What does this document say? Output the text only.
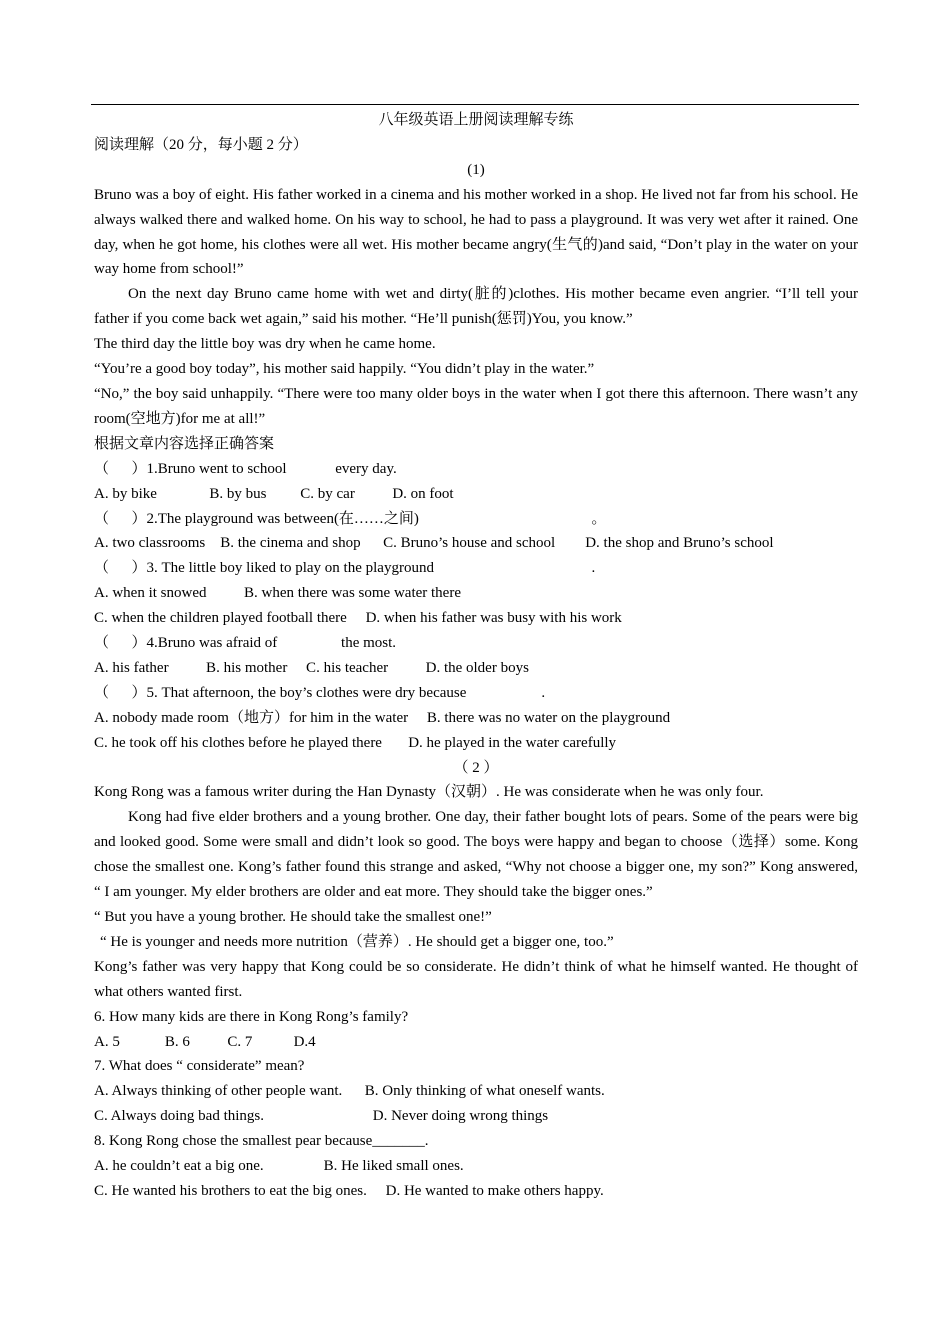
八年级英语上册阅读理解专练
阅读理解（20 分，每小题 2 分）
(1)

Bruno was a boy of eight. His father worked in a cinema and his mother worked in a shop. He lived not far from his school. He always walked there and walked home. On his way to school, he had to pass a playground. It was very wet after it rained. One day, when he got home, his clothes were all wet. His mother became angry(生气的)and said, “Don’t play in the water on your way home from school!”

On the next day Bruno came home with wet and dirty(脏的)clothes. His mother became even angrier. “I’ll tell your father if you come back wet again,” said his mother. “He’ll punish(惩罚)You, you know.”

The third day the little boy was dry when he came home.

“You’re a good boy today”, his mother said happily. “You didn’t play in the water.”

“No,” the boy said unhappily. “There were too many older boys in the water when I got there this afternoon. There wasn’t any room(空地方)for me at all!”

根据文章内容选择正确答案
（      ）1.Bruno went to school             every day.
A. by bike              B. by bus         C. by car          D. on foot
（      ）2.The playground was between(在……之间)                                              。
A. two classrooms    B. the cinema and shop      C. Bruno’s house and school        D. the shop and Bruno’s school
（      ）3. The little boy liked to play on the playground                                          .
A. when it snowed          B. when there was some water there
C. when the children played football there     D. when his father was busy with his work
（      ）4.Bruno was afraid of                 the most.
A. his father          B. his mother     C. his teacher          D. the older boys
（      ）5. That afternoon, the boy’s clothes were dry because                    .
A. nobody made room（地方）for him in the water     B. there was no water on the playground
C. he took off his clothes before he played there       D. he played in the water carefully
（ 2 ）

Kong Rong was a famous writer during the Han Dynasty（汉朝）. He was considerate when he was only four.

Kong had five elder brothers and a young brother. One day, their father bought lots of pears. Some of the pears were big and looked good. Some were small and didn’t look so good. The boys were happy and began to choose（选择）some. Kong chose the smallest one. Kong’s father found this strange and asked, “Why not choose a bigger one, my son?” Kong answered, “ I am younger. My elder brothers are older and eat more. They should take the bigger ones.”

“ But you have a young brother. He should take the smallest one!”

“ He is younger and needs more nutrition（营养）. He should get a bigger one, too.”

Kong’s father was very happy that Kong could be so considerate. He didn’t think of what he himself wanted. He thought of what others wanted first.

6. How many kids are there in Kong Rong’s family?
A. 5            B. 6          C. 7           D.4
7. What does “ considerate” mean?
A. Always thinking of other people want.      B. Only thinking of what oneself wants.
C. Always doing bad things.                             D. Never doing wrong things
8. Kong Rong chose the smallest pear because_______.
A. he couldn’t eat a big one.                B. He liked small ones.
C. He wanted his brothers to eat the big ones.     D. He wanted to make others happy.
